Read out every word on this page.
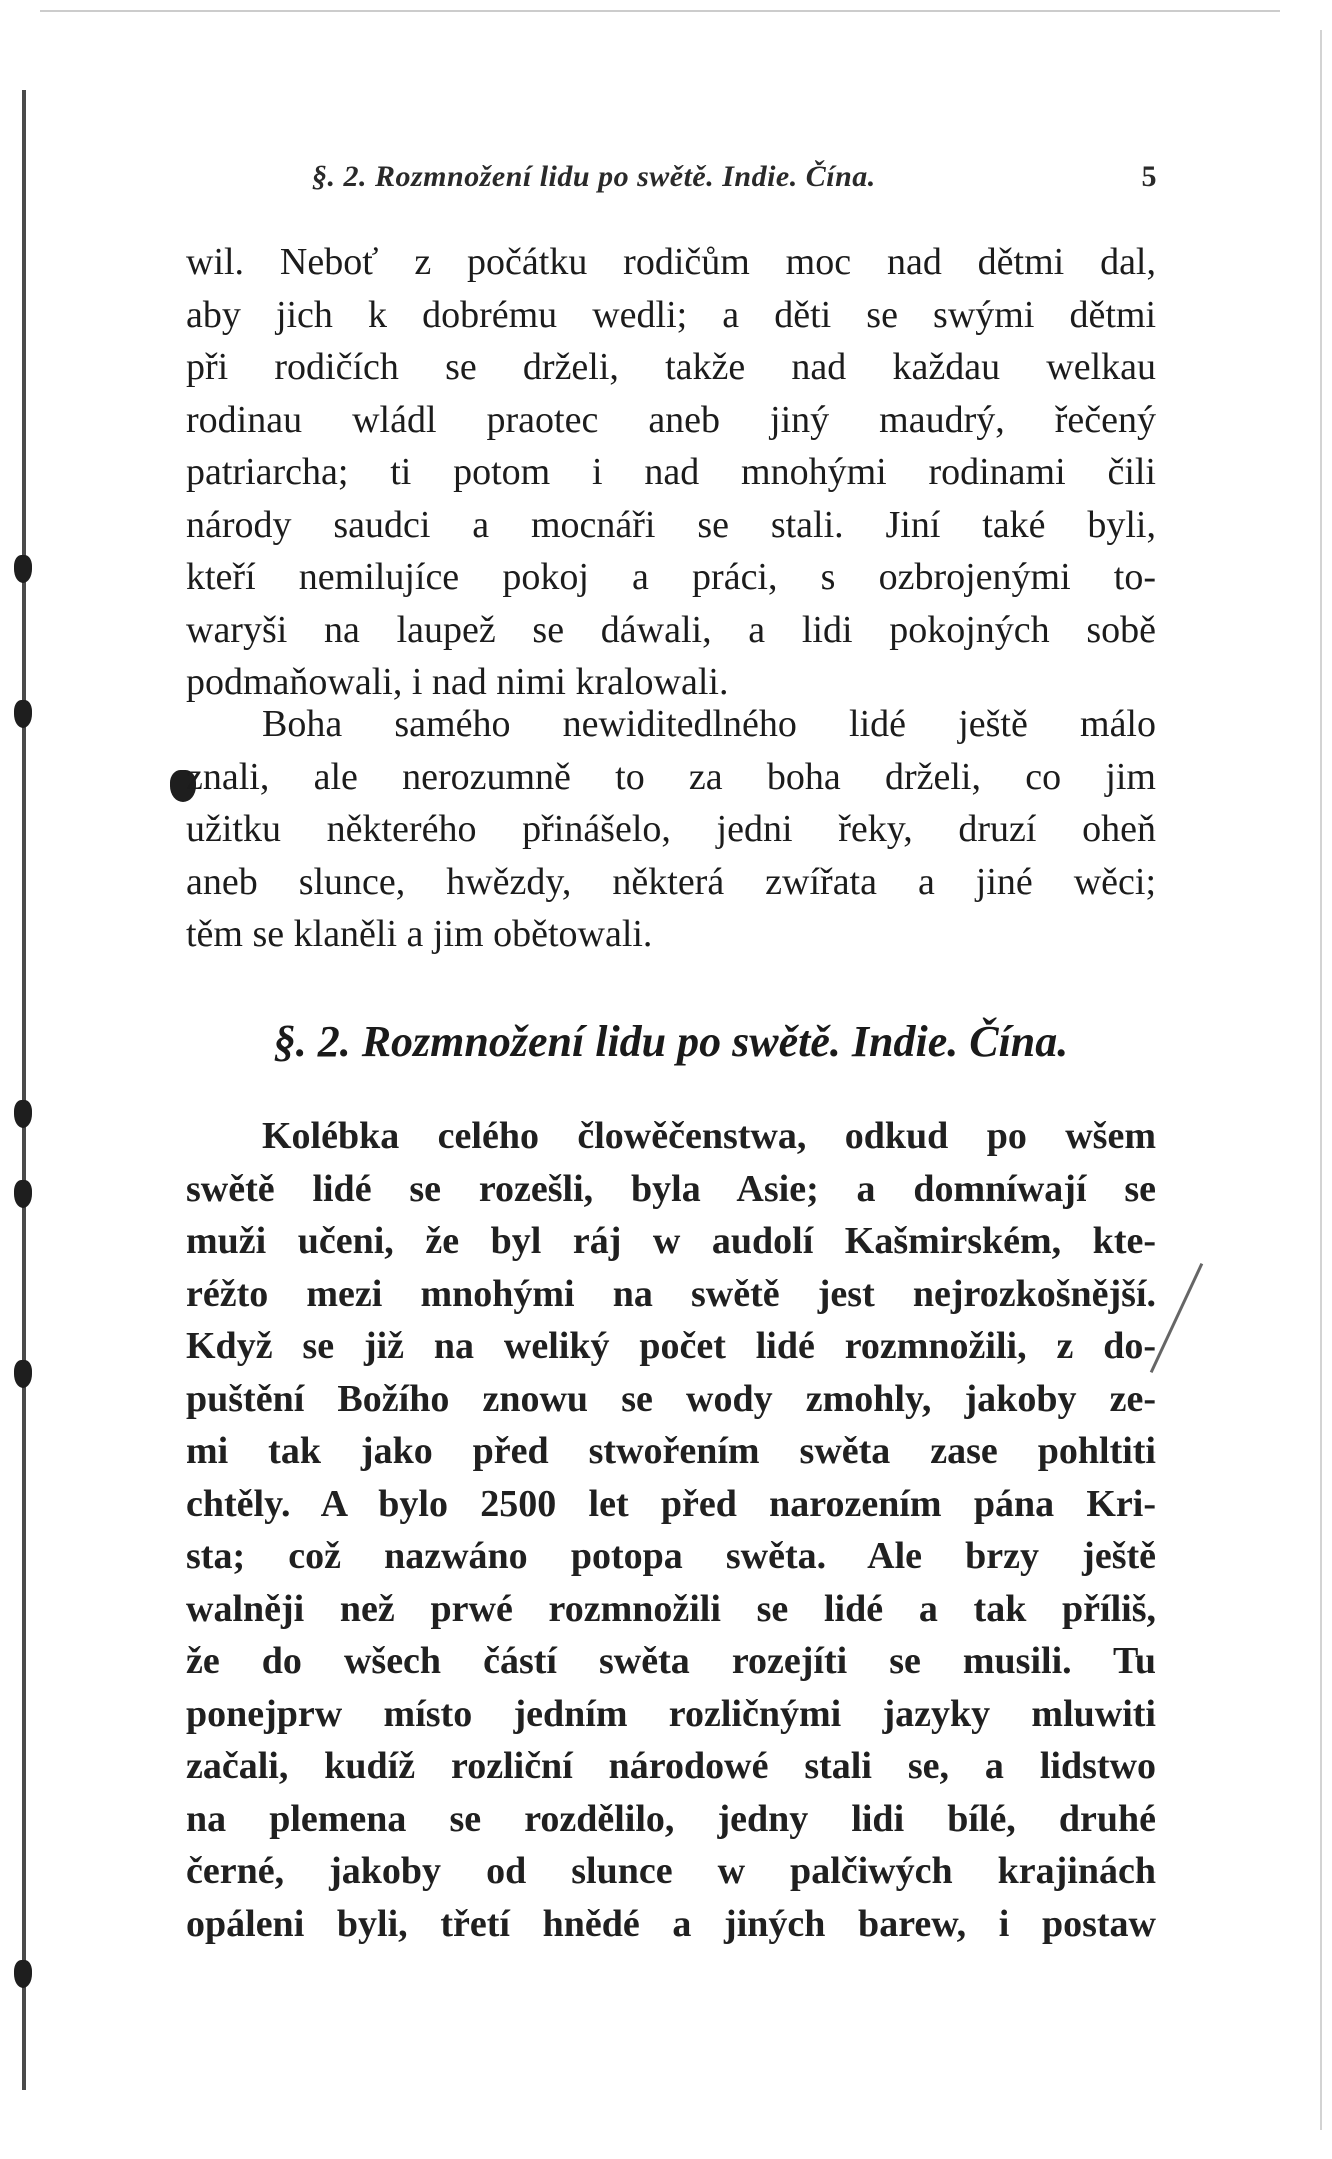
§. 2. Rozmnožení lidu po swětě. Indie. Čína.	5
wil. Neboť z počátku rodičům moc nad dětmi dal,
aby jich k dobrému wedli; a děti se swými dětmi
při rodičích se drželi, takže nad každau welkau
rodinau wládl praotec aneb jiný maudrý, řečený
patriarcha; ti potom i nad mnohými rodinami čili
národy saudci a mocnáři se stali. Jiní také byli,
kteří nemilujíce pokoj a práci, s ozbrojenými to-
waryši na laupež se dáwali, a lidi pokojných sobě
podmaňowali, i nad nimi kralowali.
Boha samého newiditedlného lidé ještě málo
znali, ale nerozumně to za boha drželi, co jim
užitku některého přinášelo, jedni řeky, druzí oheň
aneb slunce, hwězdy, některá zwířata a jiné wěci;
těm se klaněli a jim obětowali.
§. 2. Rozmnožení lidu po swětě. Indie. Čína.
Kolébka celého člowěčenstwa, odkud po wšem
swětě lidé se rozešli, byla Asie; a domníwají se
muži učeni, že byl ráj w audolí Kašmirském, kte-
réžto mezi mnohými na swětě jest nejrozkošnější.
Když se již na weliký počet lidé rozmnožili, z do-
puštění Božího znowu se wody zmohly, jakoby ze-
mi tak jako před stwořením swěta zase pohltiti
chtěly. A bylo 2500 let před narozením pána Kri-
sta; což nazwáno potopa swěta. Ale brzy ještě
walněji než prwé rozmnožili se lidé a tak příliš,
že do wšech částí swěta rozejíti se musili. Tu
ponejprw místo jedním rozličnými jazyky mluwiti
začali, kudíž rozliční národowé stali se, a lidstwo
na plemena se rozdělilo, jedny lidi bílé, druhé
černé, jakoby od slunce w palčiwých krajinách
opáleni byli, třetí hnědé a jiných barew, i postaw
